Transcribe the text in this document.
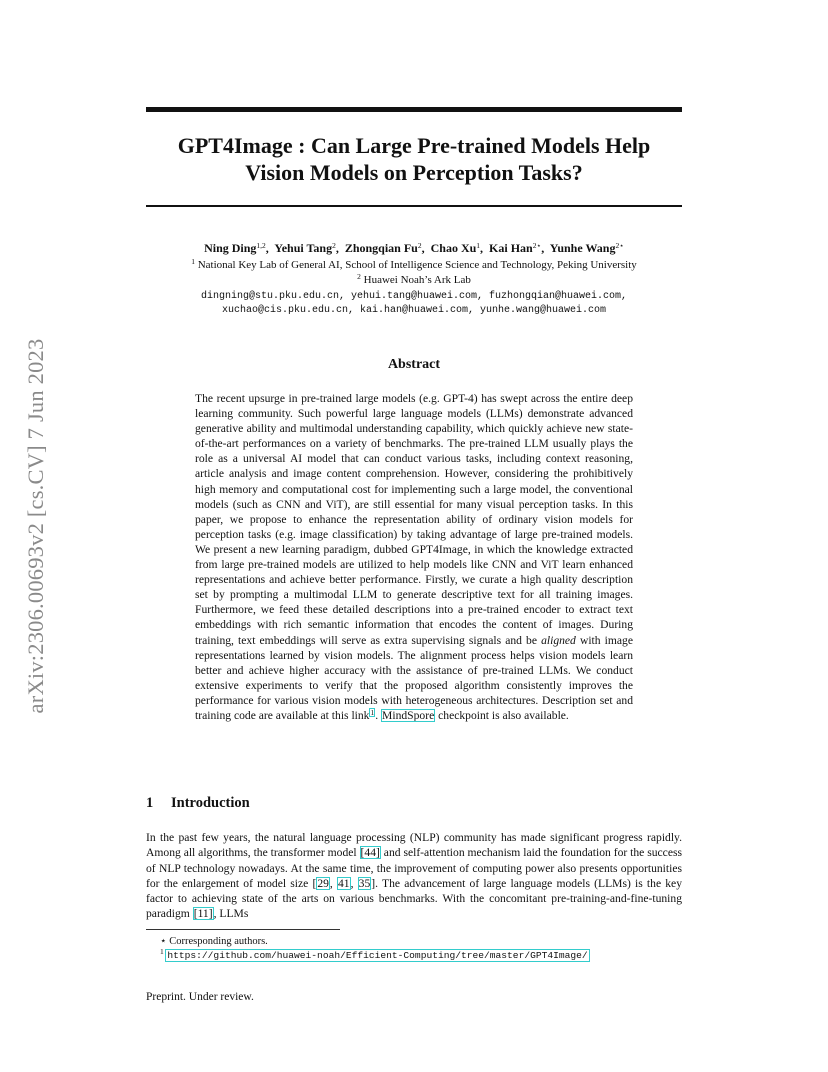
GPT4Image : Can Large Pre-trained Models Help
Vision Models on Perception Tasks?
arXiv:2306.00693v2 [cs.CV] 7 Jun 2023
Ning Ding$^{1,2}$,  Yehui Tang$^2$,  Zhongqian Fu$^2$,  Chao Xu$^1$,  Kai Han$^{2⋆}$,  Yunhe Wang$^{2⋆}$
$^1$ National Key Lab of General AI, School of Intelligence Science and Technology, Peking University
$^2$ Huawei Noah’s Ark Lab
dingning@stu.pku.edu.cn, yehui.tang@huawei.com, fuzhongqian@huawei.com,
xuchao@cis.pku.edu.cn, kai.han@huawei.com, yunhe.wang@huawei.com
Abstract
The recent upsurge in pre-trained large models (e.g. GPT-4) has swept across the entire deep learning community. Such powerful large language models (LLMs) demonstrate advanced generative ability and multimodal understanding capability, which quickly achieve new state-of-the-art performances on a variety of benchmarks. The pre-trained LLM usually plays the role as a universal AI model that can conduct various tasks, including context reasoning, article analysis and image content comprehension. However, considering the prohibitively high memory and computational cost for implementing such a large model, the conventional models (such as CNN and ViT), are still essential for many visual perception tasks. In this paper, we propose to enhance the representation ability of ordinary vision models for perception tasks (e.g. image classification) by taking advantage of large pre-trained models. We present a new learning paradigm, dubbed GPT4Image, in which the knowledge extracted from large pre-trained models are utilized to help models like CNN and ViT learn enhanced representations and achieve better performance. Firstly, we curate a high quality description set by prompting a multimodal LLM to generate descriptive text for all training images. Furthermore, we feed these detailed descriptions into a pre-trained encoder to extract text embeddings with rich semantic information that encodes the content of images. During training, text embeddings will serve as extra supervising signals and be aligned with image representations learned by vision models. The alignment process helps vision models learn better and achieve higher accuracy with the assistance of pre-trained LLMs. We conduct extensive experiments to verify that the proposed algorithm consistently improves the performance for various vision models with heterogeneous architectures. Description set and training code are available at this link$^1$. MindSpore checkpoint is also available.
1 Introduction
In the past few years, the natural language processing (NLP) community has made significant progress rapidly. Among all algorithms, the transformer model [44] and self-attention mechanism laid the foundation for the success of NLP technology nowadays. At the same time, the improvement of computing power also presents opportunities for the enlargement of model size [29, 41, 35]. The advancement of large language models (LLMs) is the key factor to achieving state of the arts on various benchmarks. With the concomitant pre-training-and-fine-tuning paradigm [11], LLMs
⋆ Corresponding authors.
$^1$ https://github.com/huawei-noah/Efficient-Computing/tree/master/GPT4Image/
Preprint. Under review.
